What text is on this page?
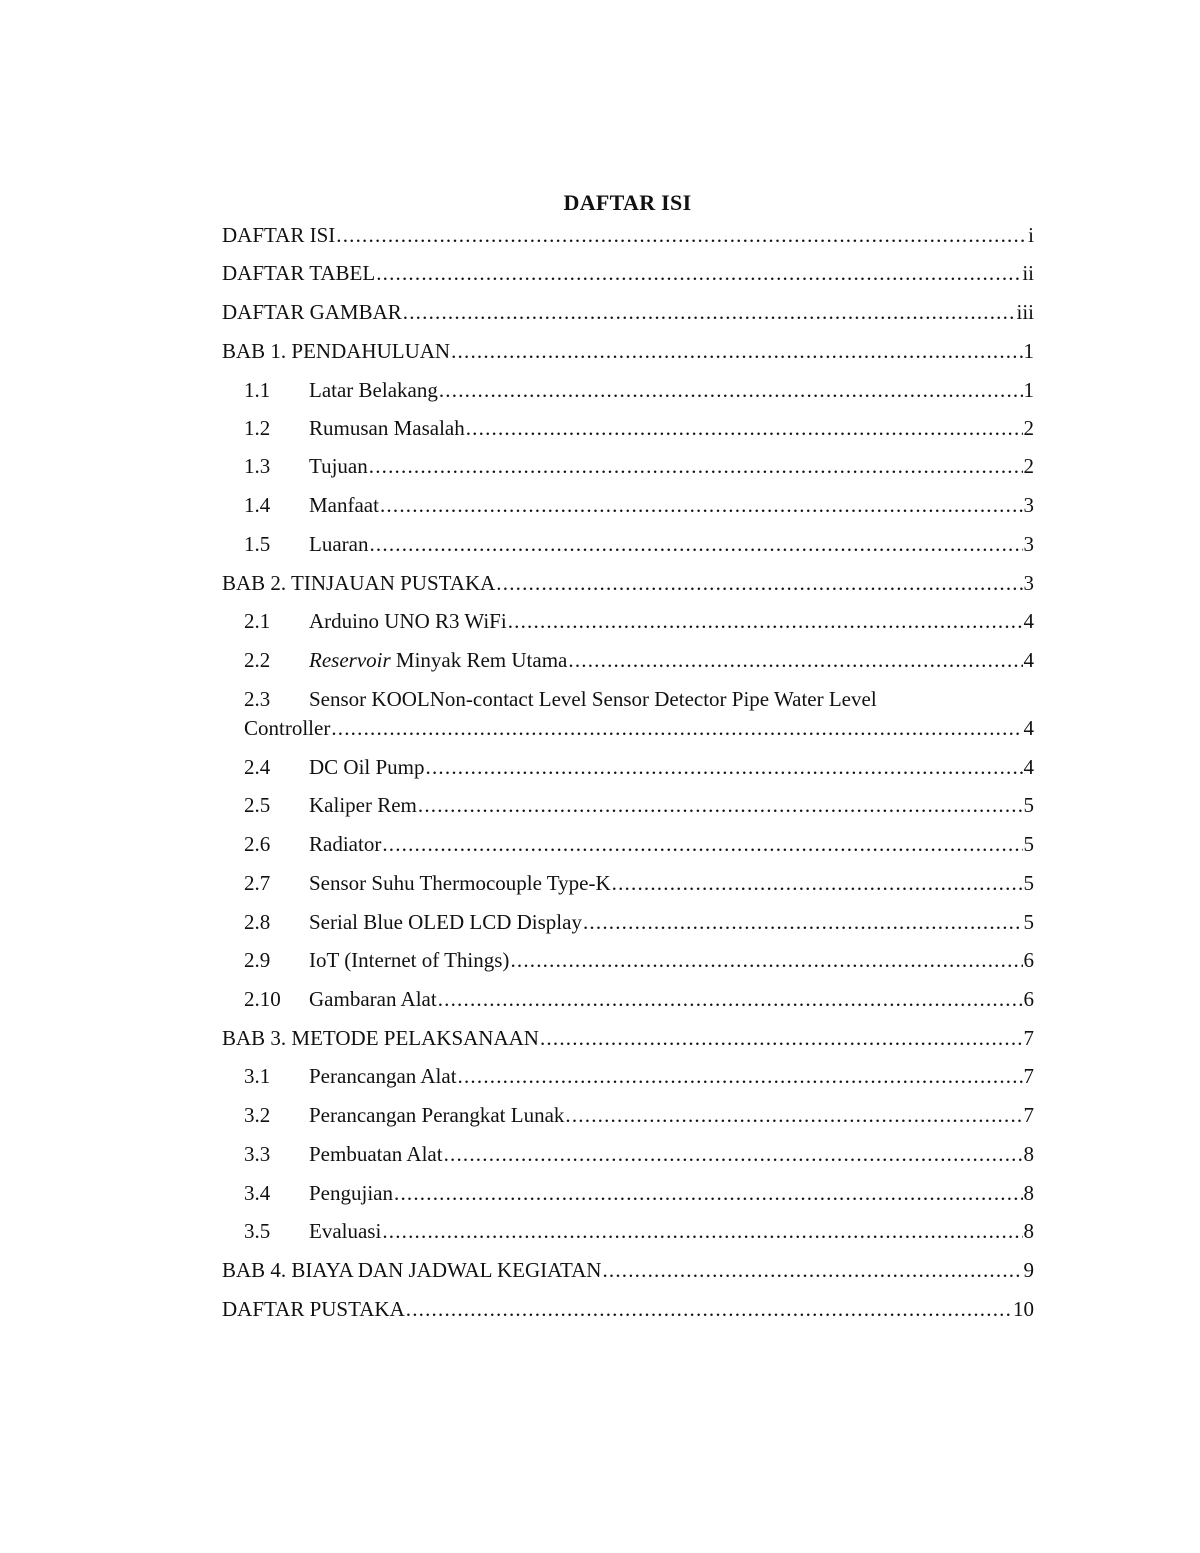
DAFTAR ISI
DAFTAR ISI .....	i
DAFTAR TABEL .....	ii
DAFTAR GAMBAR .....	iii
BAB 1. PENDAHULUAN .....	1
1.1	Latar Belakang .....	1
1.2	Rumusan Masalah .....	2
1.3	Tujuan .....	2
1.4	Manfaat .....	3
1.5	Luaran .....	3
BAB 2. TINJAUAN PUSTAKA .....	3
2.1	Arduino UNO R3 WiFi .....	4
2.2	Reservoir Minyak Rem Utama .....	4
2.3 Sensor KOOLNon-contact Level Sensor Detector Pipe Water Level
Controller .....	4
2.4	DC Oil Pump .....	4
2.5	Kaliper Rem .....	5
2.6	Radiator .....	5
2.7	Sensor Suhu Thermocouple Type-K .....	5
2.8	Serial Blue OLED LCD Display .....	5
2.9	IoT (Internet of Things) .....	6
2.10	Gambaran Alat .....	6
BAB 3. METODE PELAKSANAAN .....	7
3.1	Perancangan Alat .....	7
3.2	Perancangan Perangkat Lunak .....	7
3.3	Pembuatan Alat .....	8
3.4	Pengujian .....	8
3.5	Evaluasi .....	8
BAB 4. BIAYA DAN JADWAL KEGIATAN .....	9
DAFTAR PUSTAKA .....	10
